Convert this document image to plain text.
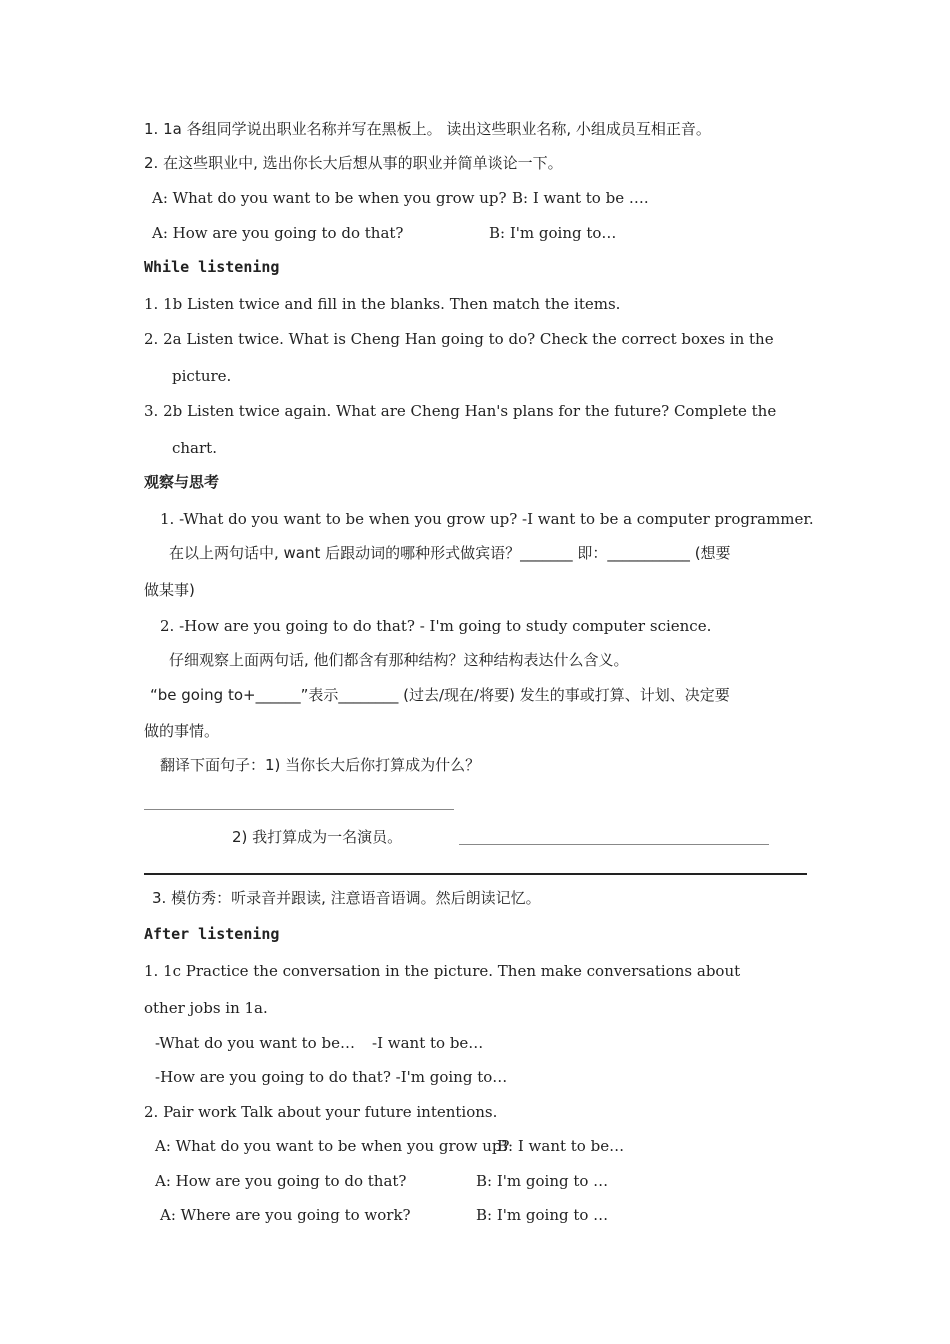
1. 1a 各组同学说出职业名称并写在黑板上。 读出这些职业名称, 小组成员互相正音。
2. 在这些职业中, 选出你长大后想从事的职业并简单谈论一下。
A: What do you want to be when you grow up? B: I want to be ….
A: How are you going to do that?	B: I'm going to…
While listening
1. 1b Listen twice and fill in the blanks. Then match the items.
2. 2a Listen twice. What is Cheng Han going to do? Check the correct boxes in the
picture.
3. 2b Listen twice again. What are Cheng Han's plans for the future? Complete the
chart.
观察与思考
1. -What do you want to be when you grow up? -I want to be a computer programmer.
在以上两句话中, want 后跟动词的哪种形式做宾语？_______ 即：___________ (想要
做某事)
2. -How are you going to do that? - I'm going to study computer science.
仔细观察上面两句话, 他们都含有那种结构？这种结构表达什么含义。
“be going to+______”表示________ (过去/现在/将要) 发生的事或打算、计划、决定要
做的事情。
翻译下面句子：1) 当你长大后你打算成为什么？
2) 我打算成为一名演员。
3. 模仿秀：听录音并跟读, 注意语音语调。然后朗读记忆。
After listening
1. 1c Practice the conversation in the picture. Then make conversations about
other jobs in 1a.
-What do you want to be… -I want to be…
-How are you going to do that? -I'm going to…
2. Pair work Talk about your future intentions.
A: What do you want to be when you grow up?
B: I want to be…
A: How are you going to do that?	B: I'm going to …
A: Where are you going to work?	B: I'm going to …
